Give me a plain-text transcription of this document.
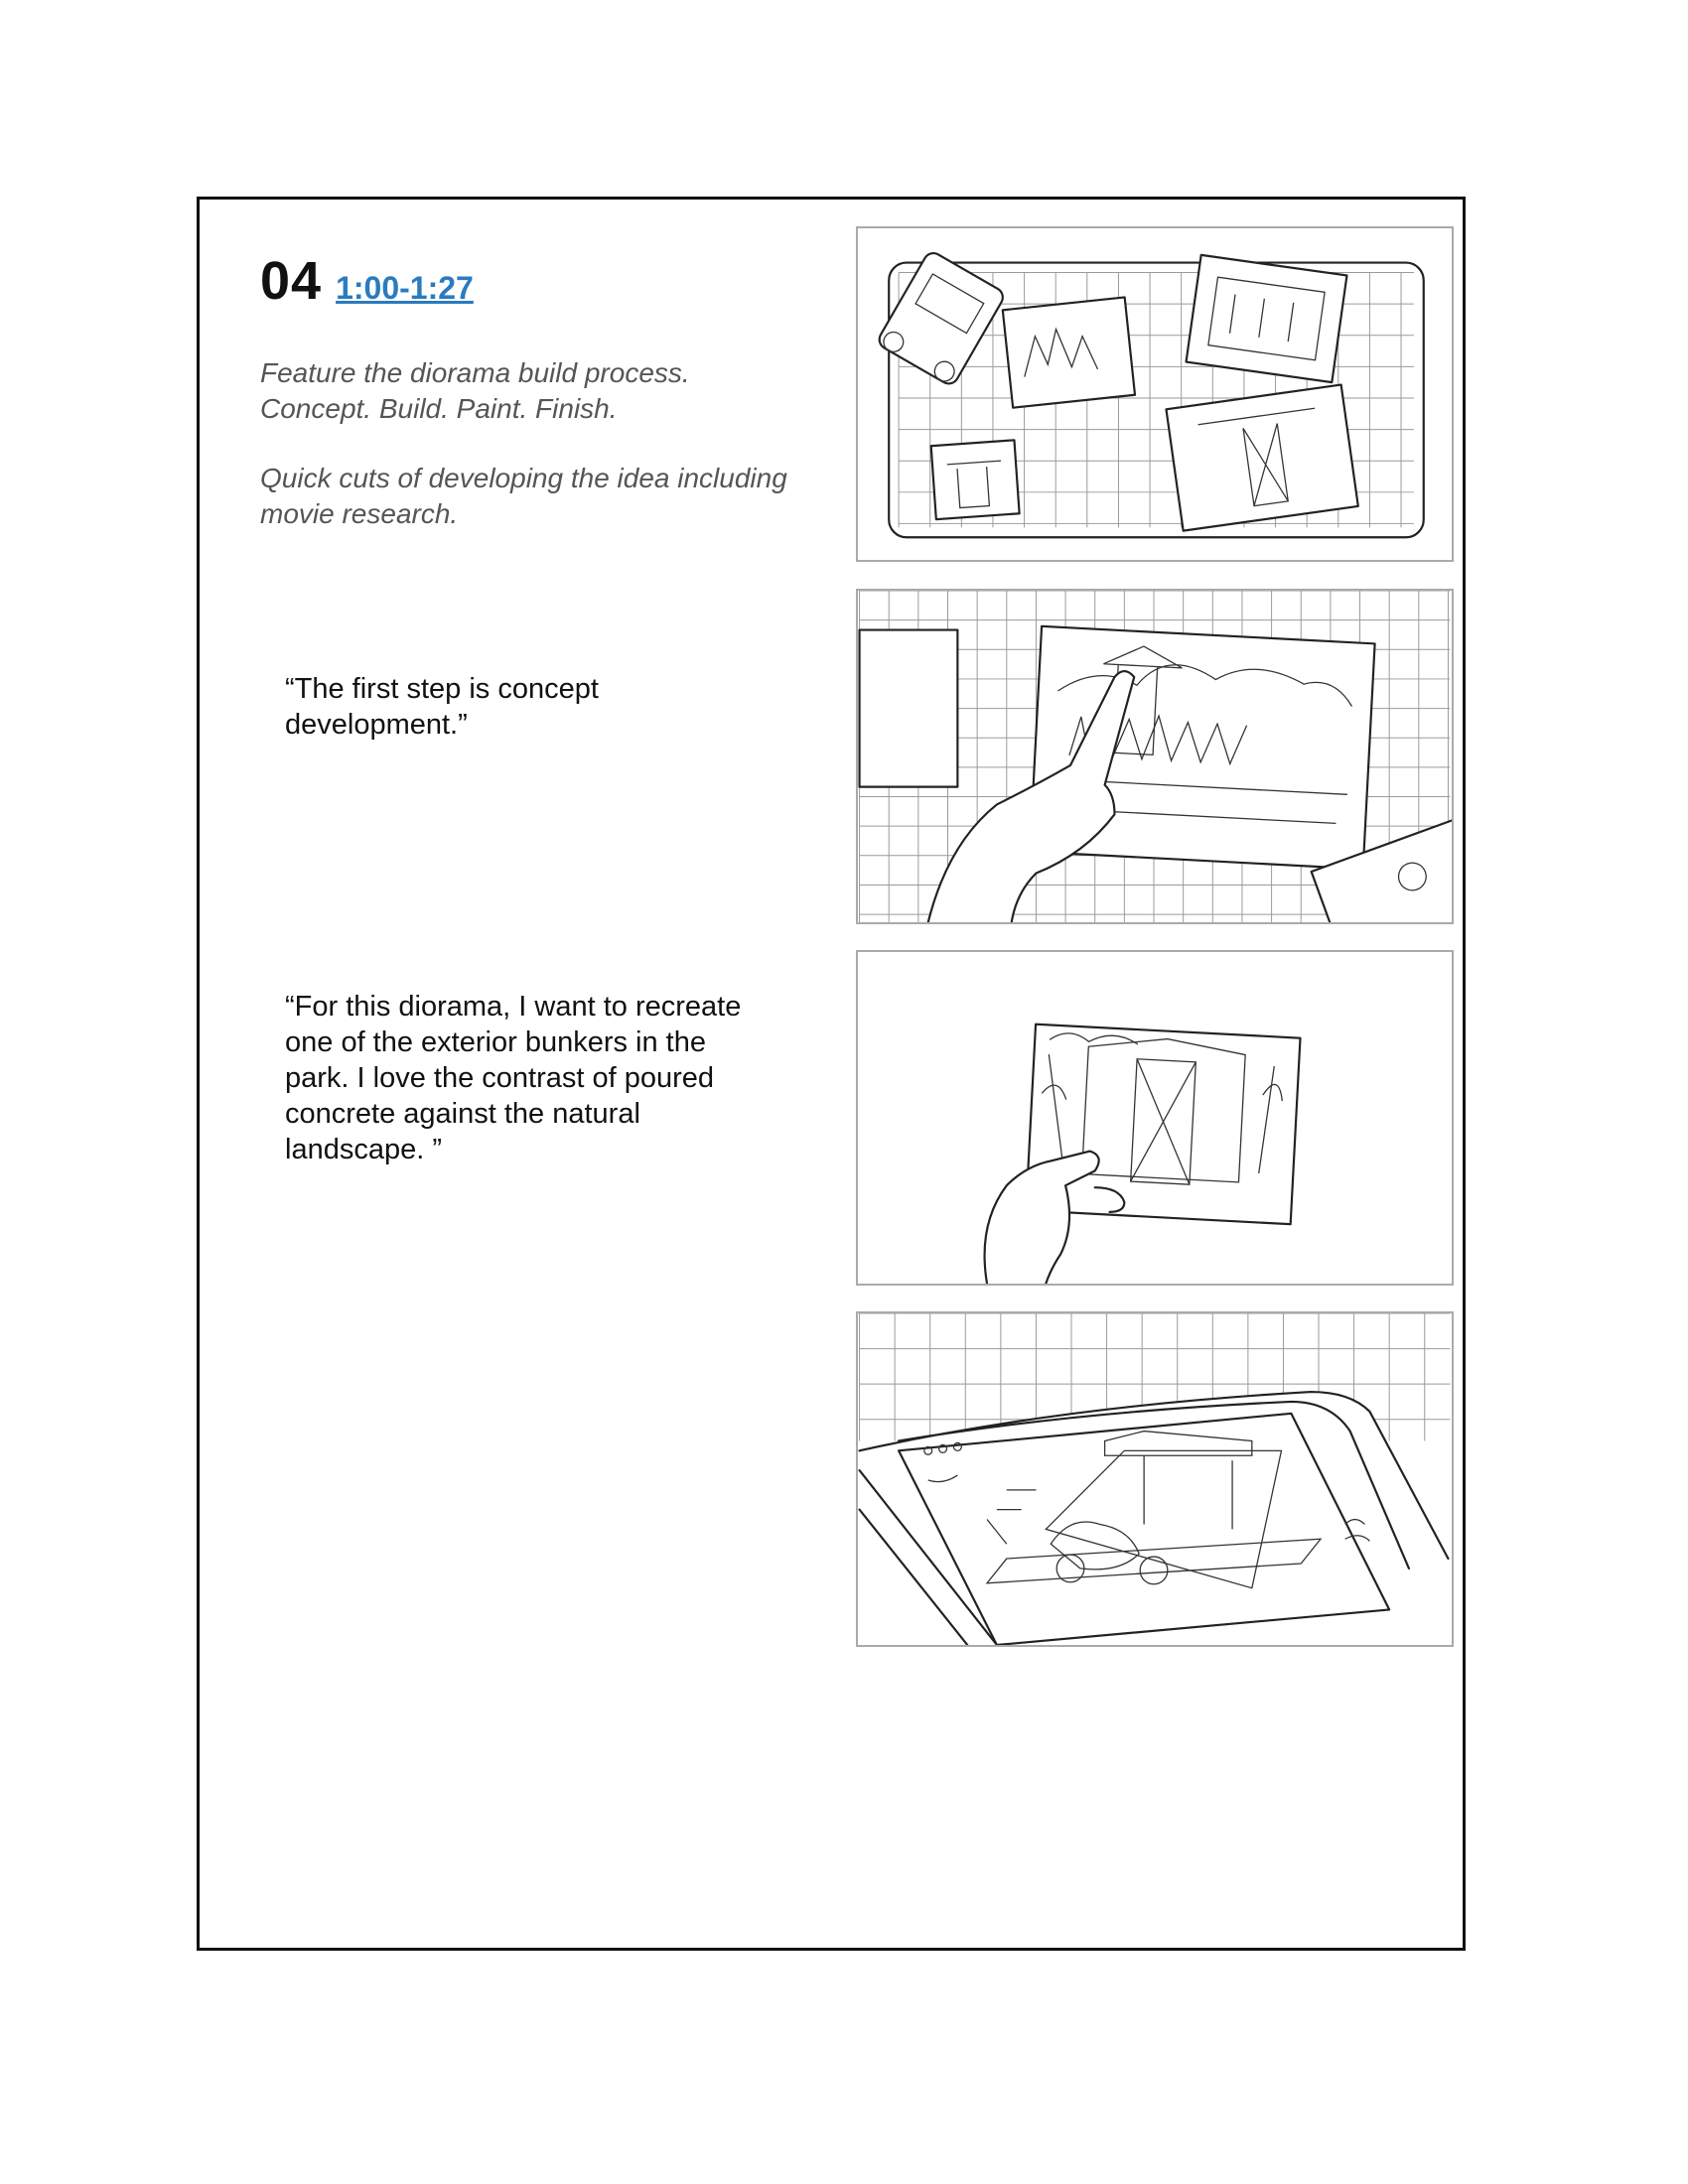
04 1:00-1:27
Feature the diorama build process.
Concept. Build. Paint. Finish.
Quick cuts of developing the idea including
movie research.
“The first step is concept
development.”
“For this diorama, I want to recreate
one of the exterior bunkers in the
park. I love the contrast of poured
concrete against the natural
landscape. ”
